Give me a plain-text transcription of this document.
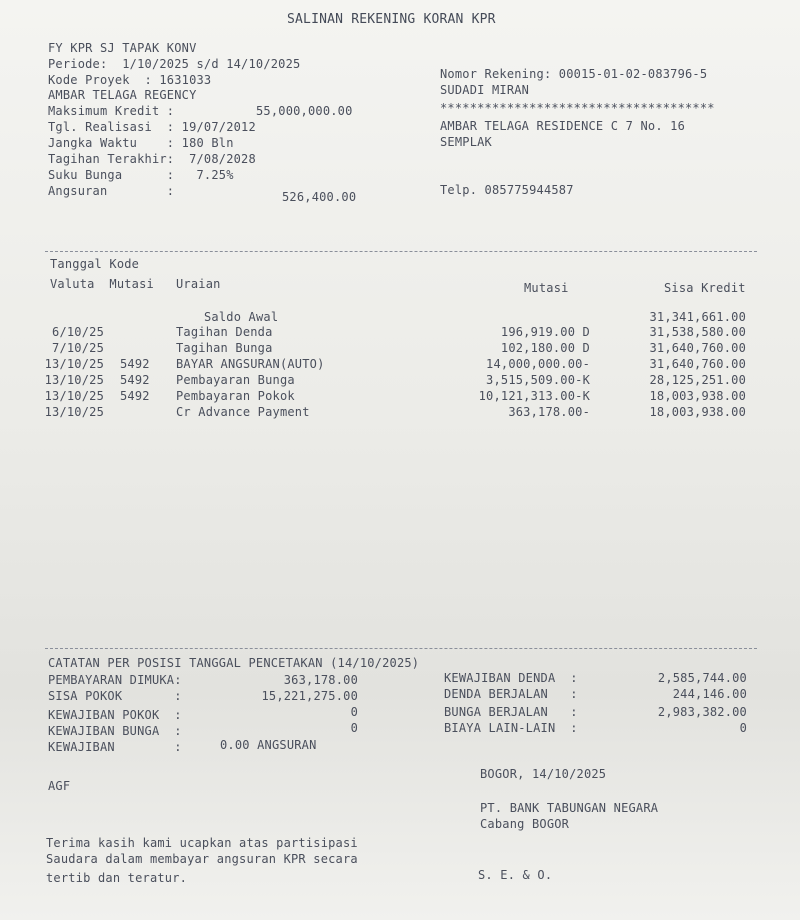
SALINAN REKENING KORAN KPR
FY KPR SJ TAPAK KONV
Periode:  1/10/2025 s/d 14/10/2025
Kode Proyek  : 1631033
AMBAR TELAGA REGENCY
Maksimum Kredit :	55,000,000.00
Tgl. Realisasi  : 19/07/2012
Jangka Waktu    : 180 Bln
Tagihan Terakhir:  7/08/2028
Suku Bunga      :   7.25%
Angsuran        :	526,400.00
Nomor Rekening: 00015-01-02-083796-5
SUDADI MIRAN
*************************************
AMBAR TELAGA RESIDENCE C 7 No. 16
SEMPLAK
Telp. 085775944587
Tanggal Kode
Valuta  Mutasi Uraian	Mutasi	Sisa Kredit
Saldo Awal	31,341,661.00
6/10/25	Tagihan Denda	196,919.00 D	31,538,580.00
7/10/25	Tagihan Bunga	102,180.00 D	31,640,760.00
13/10/25 5492 BAYAR ANGSURAN(AUTO)	14,000,000.00-	31,640,760.00
13/10/25 5492 Pembayaran Bunga	3,515,509.00-K	28,125,251.00
13/10/25 5492 Pembayaran Pokok	10,121,313.00-K	18,003,938.00
13/10/25	Cr Advance Payment	363,178.00-	18,003,938.00
CATATAN PER POSISI TANGGAL PENCETAKAN (14/10/2025)
PEMBAYARAN DIMUKA:	363,178.00
SISA POKOK       :	15,221,275.00
KEWAJIBAN POKOK  :	0
KEWAJIBAN BUNGA  :	0
KEWAJIBAN        :	0.00 ANGSURAN
KEWAJIBAN DENDA  :	2,585,744.00
DENDA BERJALAN   :	244,146.00
BUNGA BERJALAN   :	2,983,382.00
BIAYA LAIN-LAIN  :	0
AGF
BOGOR, 14/10/2025
PT. BANK TABUNGAN NEGARA
Cabang BOGOR
Terima kasih kami ucapkan atas partisipasi
Saudara dalam membayar angsuran KPR secara
tertib dan teratur.	S. E. & O.
